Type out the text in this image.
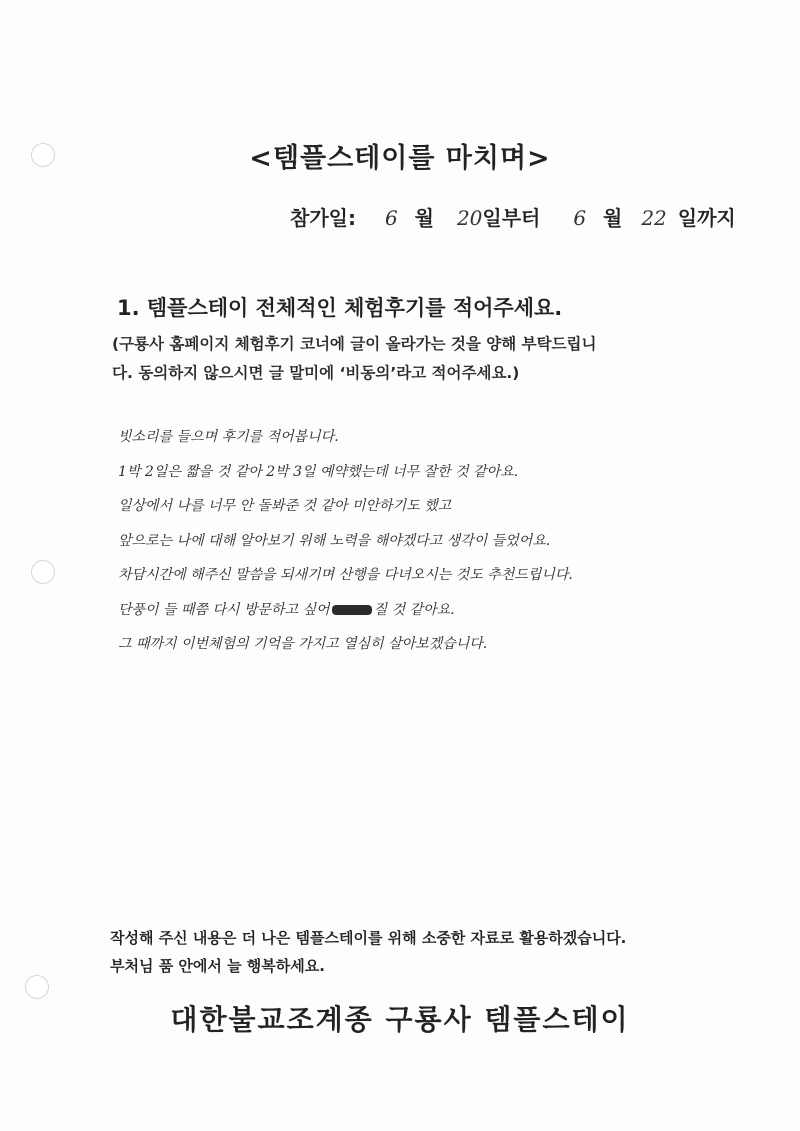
<템플스테이를 마치며>
참가일: 6 월 20일부터 6 월 22 일까지
1. 템플스테이 전체적인 체험후기를 적어주세요.
(구룡사 홈페이지 체험후기 코너에 글이 올라가는 것을 양해 부탁드립니
다. 동의하지 않으시면 글 말미에 ‘비동의’라고 적어주세요.)
빗소리를 들으며 후기를 적어봅니다.
1박 2일은 짧을 것 같아 2박 3일 예약했는데 너무 잘한 것 같아요.
일상에서 나를 너무 안 돌봐준 것 같아 미안하기도 했고
앞으로는 나에 대해 알아보기 위해 노력을 해야겠다고 생각이 들었어요.
차담시간에 해주신 말씀을 되새기며 산행을 다녀오시는 것도 추천드립니다.
단풍이 들 때쯤 다시 방문하고 싶어	질 것 같아요.
그 때까지 이번체험의 기억을 가지고 열심히 살아보겠습니다.
작성해 주신 내용은 더 나은 템플스테이를 위해 소중한 자료로 활용하겠습니다.
부처님 품 안에서 늘 행복하세요.
대한불교조계종 구룡사 템플스테이
